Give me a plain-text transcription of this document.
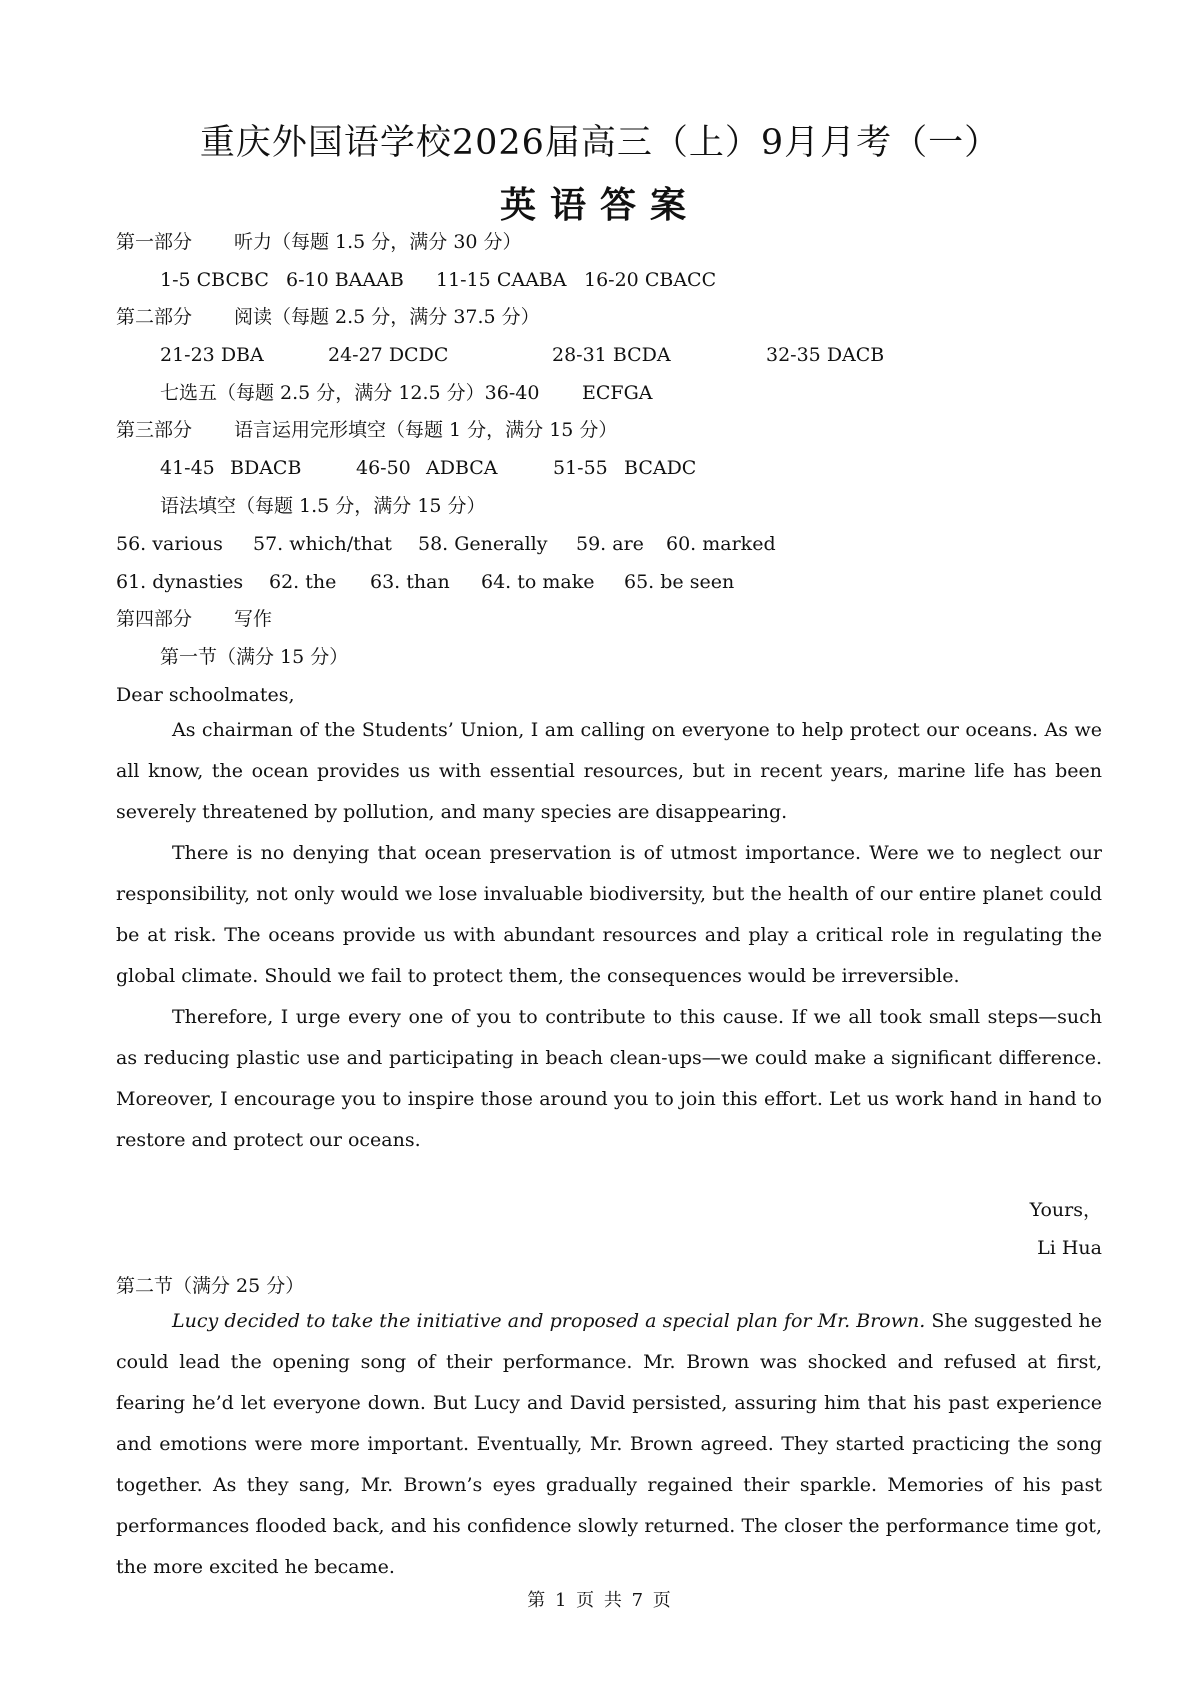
重庆外国语学校2026届高三（上）9月月考（一）
英语答案
第一部分 听力（每题 1.5 分，满分 30 分）
1-5 CBCBC 6-10 BAAAB 11-15 CAABA 16-20 CBACC
第二部分 阅读（每题 2.5 分，满分 37.5 分）
21-23 DBA	24-27 DCDC	28-31 BCDA	32-35 DACB
七选五（每题 2.5 分，满分 12.5 分）36-40 ECFGA
第三部分 语言运用完形填空（每题 1 分，满分 15 分）
41-45 BDACB	46-50 ADBCA	51-55 BCADC
语法填空（每题 1.5 分，满分 15 分）
56. various 57. which/that 58. Generally 59. are 60. marked
61. dynasties 62. the 63. than 64. to make 65. be seen
第四部分 写作
第一节（满分 15 分）
Dear schoolmates,
As chairman of the Students’ Union, I am calling on everyone to help protect our oceans. As we all know, the ocean provides us with essential resources, but in recent years, marine life has been severely threatened by pollution, and many species are disappearing.
There is no denying that ocean preservation is of utmost importance. Were we to neglect our responsibility, not only would we lose invaluable biodiversity, but the health of our entire planet could be at risk. The oceans provide us with abundant resources and play a critical role in regulating the global climate. Should we fail to protect them, the consequences would be irreversible.
Therefore, I urge every one of you to contribute to this cause. If we all took small steps—such as reducing plastic use and participating in beach clean-ups—we could make a significant difference. Moreover, I encourage you to inspire those around you to join this effort. Let us work hand in hand to restore and protect our oceans.
Yours，
Li Hua
第二节（满分 25 分）
Lucy decided to take the initiative and proposed a special plan for Mr. Brown. She suggested he could lead the opening song of their performance. Mr. Brown was shocked and refused at first, fearing he’d let everyone down. But Lucy and David persisted, assuring him that his past experience and emotions were more important. Eventually, Mr. Brown agreed. They started practicing the song together. As they sang, Mr. Brown’s eyes gradually regained their sparkle. Memories of his past performances flooded back, and his confidence slowly returned. The closer the performance time got, the more excited he became.
第 1 页 共 7 页
